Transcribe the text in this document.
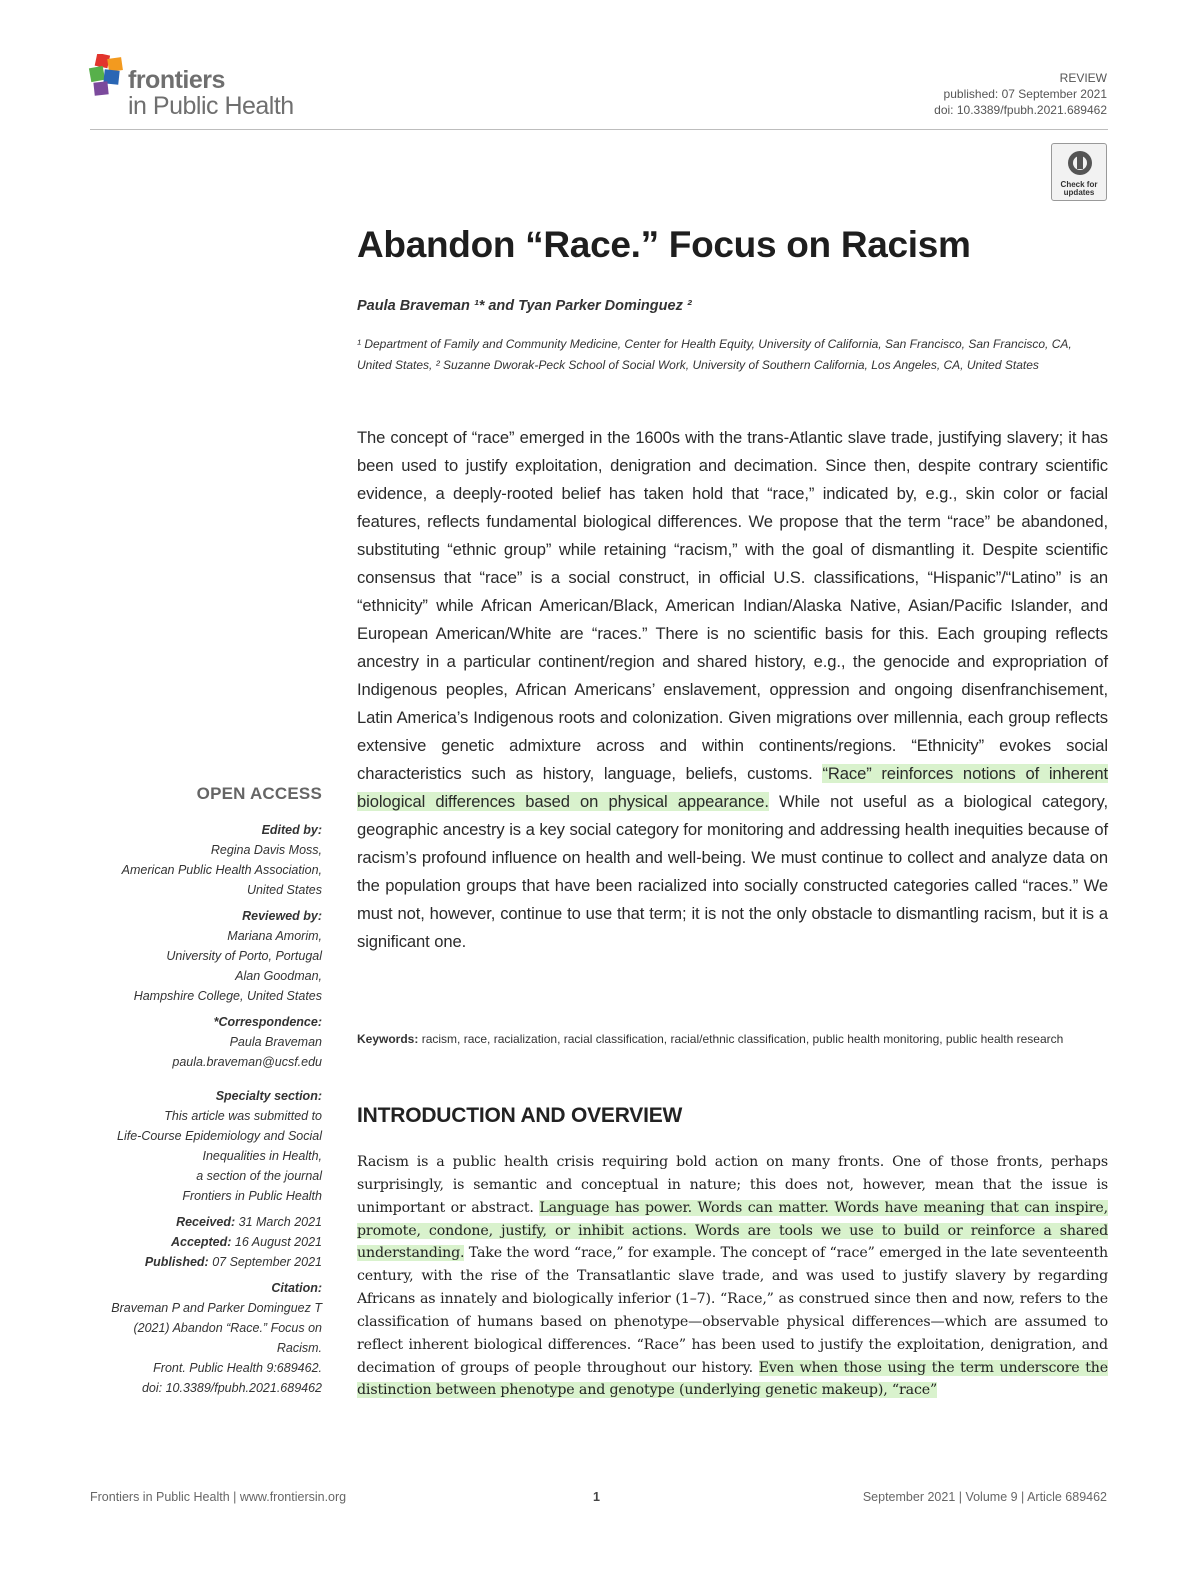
frontiers
in Public Health
REVIEW
published: 07 September 2021
doi: 10.3389/fpubh.2021.689462
Check for updates
Abandon “Race.” Focus on Racism
Paula Braveman ¹* and Tyan Parker Dominguez ²
¹ Department of Family and Community Medicine, Center for Health Equity, University of California, San Francisco, San Francisco, CA, United States, ² Suzanne Dworak-Peck School of Social Work, University of Southern California, Los Angeles, CA, United States
The concept of “race” emerged in the 1600s with the trans-Atlantic slave trade, justifying slavery; it has been used to justify exploitation, denigration and decimation. Since then, despite contrary scientific evidence, a deeply-rooted belief has taken hold that “race,” indicated by, e.g., skin color or facial features, reflects fundamental biological differences. We propose that the term “race” be abandoned, substituting “ethnic group” while retaining “racism,” with the goal of dismantling it. Despite scientific consensus that “race” is a social construct, in official U.S. classifications, “Hispanic”/“Latino” is an “ethnicity” while African American/Black, American Indian/Alaska Native, Asian/Pacific Islander, and European American/White are “races.” There is no scientific basis for this. Each grouping reflects ancestry in a particular continent/region and shared history, e.g., the genocide and expropriation of Indigenous peoples, African Americans’ enslavement, oppression and ongoing disenfranchisement, Latin America’s Indigenous roots and colonization. Given migrations over millennia, each group reflects extensive genetic admixture across and within continents/regions. “Ethnicity” evokes social characteristics such as history, language, beliefs, customs. “Race” reinforces notions of inherent biological differences based on physical appearance. While not useful as a biological category, geographic ancestry is a key social category for monitoring and addressing health inequities because of racism’s profound influence on health and well-being. We must continue to collect and analyze data on the population groups that have been racialized into socially constructed categories called “races.” We must not, however, continue to use that term; it is not the only obstacle to dismantling racism, but it is a significant one.
Keywords: racism, race, racialization, racial classification, racial/ethnic classification, public health monitoring, public health research
INTRODUCTION AND OVERVIEW
Racism is a public health crisis requiring bold action on many fronts. One of those fronts, perhaps surprisingly, is semantic and conceptual in nature; this does not, however, mean that the issue is unimportant or abstract. Language has power. Words can matter. Words have meaning that can inspire, promote, condone, justify, or inhibit actions. Words are tools we use to build or reinforce a shared understanding. Take the word “race,” for example. The concept of “race” emerged in the late seventeenth century, with the rise of the Transatlantic slave trade, and was used to justify slavery by regarding Africans as innately and biologically inferior (1–7). “Race,” as construed since then and now, refers to the classification of humans based on phenotype—observable physical differences—which are assumed to reflect inherent biological differences. “Race” has been used to justify the exploitation, denigration, and decimation of groups of people throughout our history. Even when those using the term underscore the distinction between phenotype and genotype (underlying genetic makeup), “race”
OPEN ACCESS
Edited by:
Regina Davis Moss,
American Public Health Association,
United States
Reviewed by:
Mariana Amorim,
University of Porto, Portugal
Alan Goodman,
Hampshire College, United States
*Correspondence:
Paula Braveman
paula.braveman@ucsf.edu
Specialty section:
This article was submitted to
Life-Course Epidemiology and Social
Inequalities in Health,
a section of the journal
Frontiers in Public Health
Received: 31 March 2021
Accepted: 16 August 2021
Published: 07 September 2021
Citation:
Braveman P and Parker Dominguez T
(2021) Abandon “Race.” Focus on
Racism.
Front. Public Health 9:689462.
doi: 10.3389/fpubh.2021.689462
Frontiers in Public Health | www.frontiersin.org	1	September 2021 | Volume 9 | Article 689462
